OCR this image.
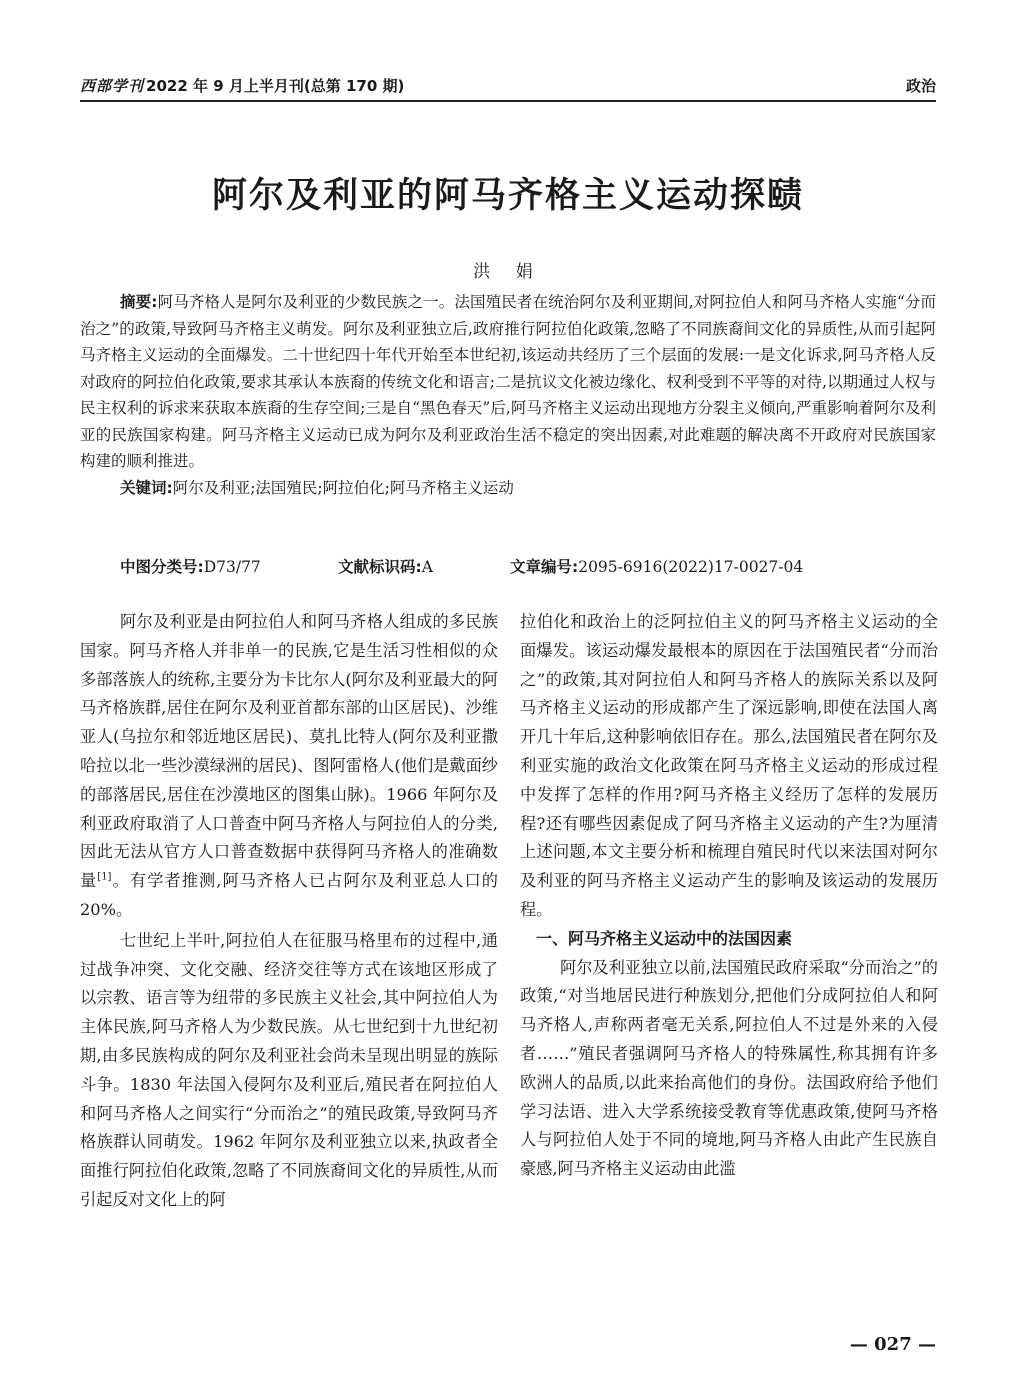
西部学刊 2022 年 9 月上半月刊(总第 170 期)	政治
阿尔及利亚的阿马齐格主义运动探赜
洪 娟

摘要:阿马齐格人是阿尔及利亚的少数民族之一。法国殖民者在统治阿尔及利亚期间,对阿拉伯人和阿马齐格人实施“分而治之”的政策,导致阿马齐格主义萌发。阿尔及利亚独立后,政府推行阿拉伯化政策,忽略了不同族裔间文化的异质性,从而引起阿马齐格主义运动的全面爆发。二十世纪四十年代开始至本世纪初,该运动共经历了三个层面的发展:一是文化诉求,阿马齐格人反对政府的阿拉伯化政策,要求其承认本族裔的传统文化和语言;二是抗议文化被边缘化、权利受到不平等的对待,以期通过人权与民主权利的诉求来获取本族裔的生存空间;三是自“黑色春天”后,阿马齐格主义运动出现地方分裂主义倾向,严重影响着阿尔及利亚的民族国家构建。阿马齐格主义运动已成为阿尔及利亚政治生活不稳定的突出因素,对此难题的解决离不开政府对民族国家构建的顺利推进。

关键词:阿尔及利亚;法国殖民;阿拉伯化;阿马齐格主义运动

中图分类号:D73/77	文献标识码:A	文章编号:2095-6916(2022)17-0027-04

阿尔及利亚是由阿拉伯人和阿马齐格人组成的多民族国家。阿马齐格人并非单一的民族,它是生活习性相似的众多部落族人的统称,主要分为卡比尔人(阿尔及利亚最大的阿马齐格族群,居住在阿尔及利亚首都东部的山区居民)、沙维亚人(乌拉尔和邻近地区居民)、莫扎比特人(阿尔及利亚撒哈拉以北一些沙漠绿洲的居民)、图阿雷格人(他们是戴面纱的部落居民,居住在沙漠地区的图集山脉)。1966 年阿尔及利亚政府取消了人口普查中阿马齐格人与阿拉伯人的分类,因此无法从官方人口普查数据中获得阿马齐格人的准确数量[1]。有学者推测,阿马齐格人已占阿尔及利亚总人口的 20%。

七世纪上半叶,阿拉伯人在征服马格里布的过程中,通过战争冲突、文化交融、经济交往等方式在该地区形成了以宗教、语言等为纽带的多民族主义社会,其中阿拉伯人为主体民族,阿马齐格人为少数民族。从七世纪到十九世纪初期,由多民族构成的阿尔及利亚社会尚未呈现出明显的族际斗争。1830 年法国入侵阿尔及利亚后,殖民者在阿拉伯人和阿马齐格人之间实行“分而治之”的殖民政策,导致阿马齐格族群认同萌发。1962 年阿尔及利亚独立以来,执政者全面推行阿拉伯化政策,忽略了不同族裔间文化的异质性,从而引起反对文化上的阿

拉伯化和政治上的泛阿拉伯主义的阿马齐格主义运动的全面爆发。该运动爆发最根本的原因在于法国殖民者“分而治之”的政策,其对阿拉伯人和阿马齐格人的族际关系以及阿马齐格主义运动的形成都产生了深远影响,即使在法国人离开几十年后,这种影响依旧存在。那么,法国殖民者在阿尔及利亚实施的政治文化政策在阿马齐格主义运动的形成过程中发挥了怎样的作用?阿马齐格主义经历了怎样的发展历程?还有哪些因素促成了阿马齐格主义运动的产生?为厘清上述问题,本文主要分析和梳理自殖民时代以来法国对阿尔及利亚的阿马齐格主义运动产生的影响及该运动的发展历程。

一、阿马齐格主义运动中的法国因素

阿尔及利亚独立以前,法国殖民政府采取“分而治之”的政策,“对当地居民进行种族划分,把他们分成阿拉伯人和阿马齐格人,声称两者毫无关系,阿拉伯人不过是外来的入侵者……”殖民者强调阿马齐格人的特殊属性,称其拥有许多欧洲人的品质,以此来抬高他们的身份。法国政府给予他们学习法语、进入大学系统接受教育等优惠政策,使阿马齐格人与阿拉伯人处于不同的境地,阿马齐格人由此产生民族自豪感,阿马齐格主义运动由此滥

— 027 —
